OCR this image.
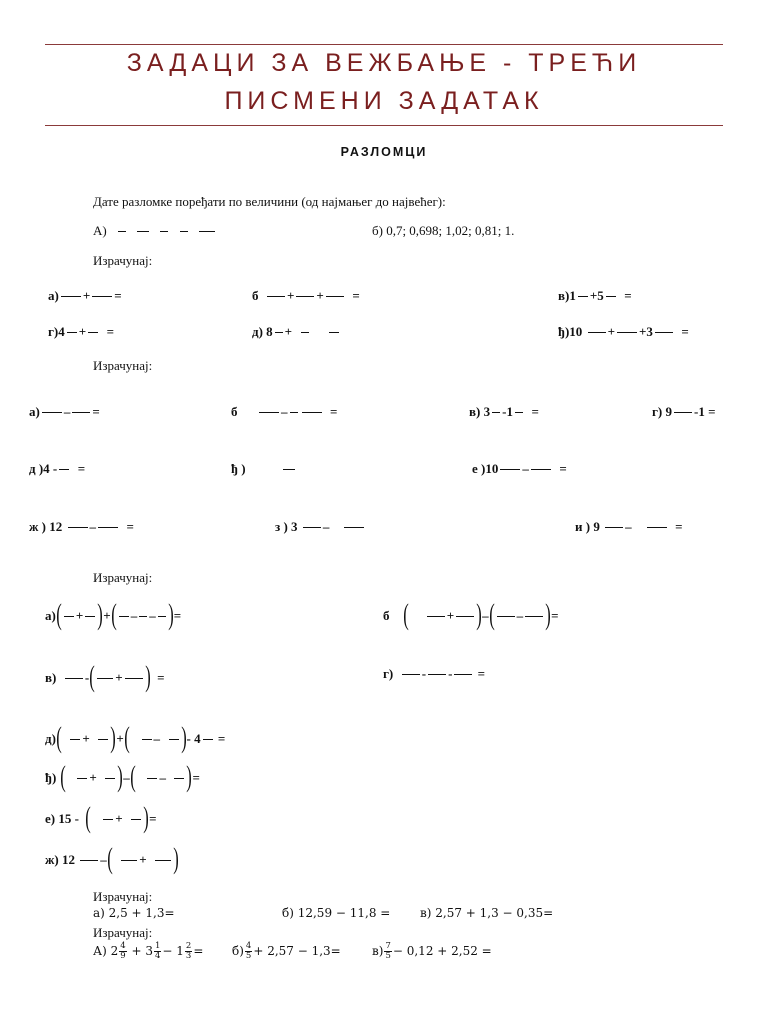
ЗАДАЦИ ЗА ВЕЖБАЊЕ - ТРЕЋИ ПИСМЕНИ ЗАДАТАК
РАЗЛОМЦИ
Дате разломке поређати по величини (од најмањег до највећег):
А)	б) 0,7; 0,698; 1,02; 0,81; 1.
Израчунај:
а) + =	б + + =	в)1 +5 =
г)4 + =	д) 8 +	ђ)10 + +3 =
Израчунај:
а) – =	б	–	=	в) 3 -1 =	г) 9 -1 =
д )4 - =	ђ )	е )10 – =
ж ) 12 – =	з ) 3 –	и ) 9 –	=
Израчунај:
а)( + )+( – – )=	б (	+ )–( – )=
в) -( + ) =	г) - - =
д)( + )+( – )- 4 =
ђ) ( + )–( – )=
е) 15 - ( + )=
ж) 12 –( + )
Израчунај:
а) 2,5 + 1,3=	б) 12,59 − 11,8 = в) 2,57 + 1,3 − 0,35=
Израчунај:
А) $2 \frac{4}{9} + 3 \frac{1}{4} - 1 \frac{2}{3} = б) \frac{4}{5} + 2,57 - 1,3=$	$в) \frac{7}{5} - 0,12 + 2,52$ =
